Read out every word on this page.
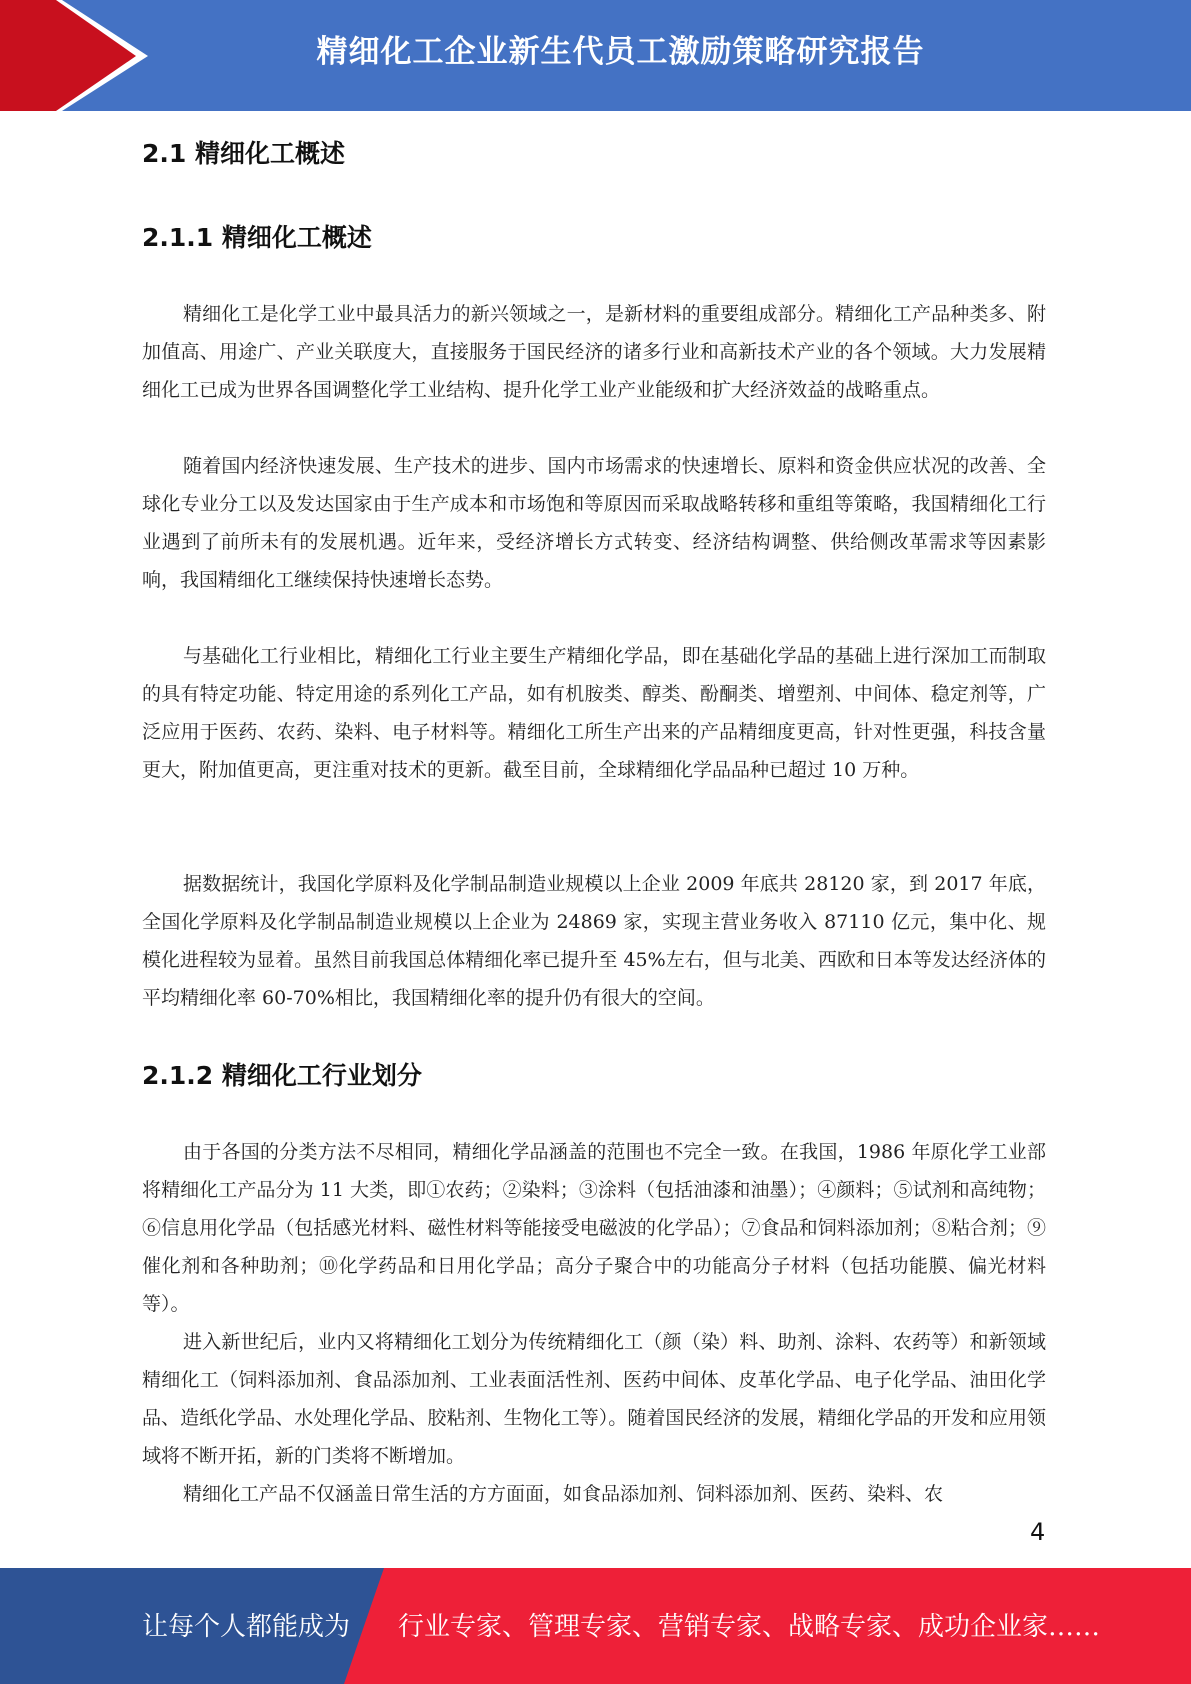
精细化工企业新生代员工激励策略研究报告
2.1 精细化工概述
2.1.1 精细化工概述

精细化工是化学工业中最具活力的新兴领域之一，是新材料的重要组成部分。精细化工产品种类多、附加值高、用途广、产业关联度大，直接服务于国民经济的诸多行业和高新技术产业的各个领域。大力发展精细化工已成为世界各国调整化学工业结构、提升化学工业产业能级和扩大经济效益的战略重点。

随着国内经济快速发展、生产技术的进步、国内市场需求的快速增长、原料和资金供应状况的改善、全球化专业分工以及发达国家由于生产成本和市场饱和等原因而采取战略转移和重组等策略，我国精细化工行业遇到了前所未有的发展机遇。近年来，受经济增长方式转变、经济结构调整、供给侧改革需求等因素影响，我国精细化工继续保持快速增长态势。

与基础化工行业相比，精细化工行业主要生产精细化学品，即在基础化学品的基础上进行深加工而制取的具有特定功能、特定用途的系列化工产品，如有机胺类、醇类、酚酮类、增塑剂、中间体、稳定剂等，广泛应用于医药、农药、染料、电子材料等。精细化工所生产出来的产品精细度更高，针对性更强，科技含量更大，附加值更高，更注重对技术的更新。截至目前，全球精细化学品品种已超过 10 万种。

据数据统计，我国化学原料及化学制品制造业规模以上企业 2009 年底共 28120 家，到 2017 年底，全国化学原料及化学制品制造业规模以上企业为 24869 家，实现主营业务收入 87110 亿元，集中化、规模化进程较为显着。虽然目前我国总体精细化率已提升至 45%左右，但与北美、西欧和日本等发达经济体的平均精细化率 60-70%相比，我国精细化率的提升仍有很大的空间。

2.1.2 精细化工行业划分

由于各国的分类方法不尽相同，精细化学品涵盖的范围也不完全一致。在我国，1986 年原化学工业部将精细化工产品分为 11 大类，即①农药；②染料；③涂料（包括油漆和油墨）；④颜料；⑤试剂和高纯物；⑥信息用化学品（包括感光材料、磁性材料等能接受电磁波的化学品）；⑦食品和饲料添加剂；⑧粘合剂；⑨催化剂和各种助剂；⑩化学药品和日用化学品；高分子聚合中的功能高分子材料（包括功能膜、偏光材料等）。

进入新世纪后，业内又将精细化工划分为传统精细化工（颜（染）料、助剂、涂料、农药等）和新领域精细化工（饲料添加剂、食品添加剂、工业表面活性剂、医药中间体、皮革化学品、电子化学品、油田化学品、造纸化学品、水处理化学品、胶粘剂、生物化工等）。随着国民经济的发展，精细化学品的开发和应用领域将不断开拓，新的门类将不断增加。

精细化工产品不仅涵盖日常生活的方方面面，如食品添加剂、饲料添加剂、医药、染料、农

4
让每个人都能成为 行业专家、管理专家、营销专家、战略专家、成功企业家……
